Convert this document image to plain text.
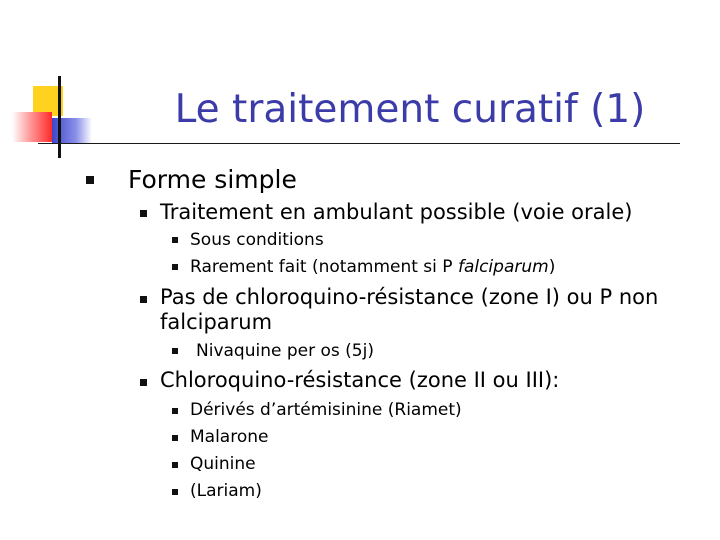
Le traitement curatif (1)
Forme simple
Traitement en ambulant possible (voie orale)
Sous conditions
Rarement fait (notamment si P falciparum)
Pas de chloroquino-résistance (zone I) ou P non
falciparum
Nivaquine per os (5j)
Chloroquino-résistance (zone II ou III):
Dérivés d’artémisinine (Riamet)
Malarone
Quinine
(Lariam)
